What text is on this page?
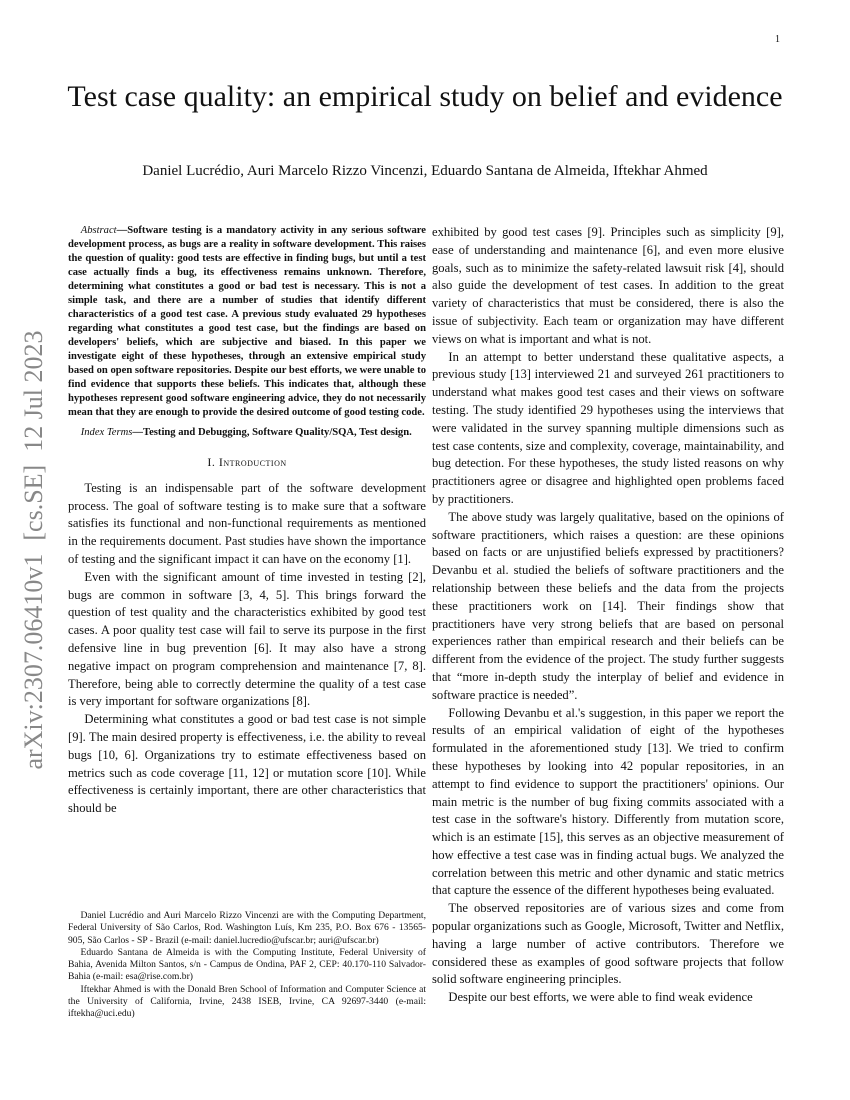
1
arXiv:2307.06410v1  [cs.SE]  12 Jul 2023
Test case quality: an empirical study on belief and evidence
Daniel Lucrédio, Auri Marcelo Rizzo Vincenzi, Eduardo Santana de Almeida, Iftekhar Ahmed

Abstract—Software testing is a mandatory activity in any serious software development process, as bugs are a reality in software development. This raises the question of quality: good tests are effective in finding bugs, but until a test case actually finds a bug, its effectiveness remains unknown. Therefore, determining what constitutes a good or bad test is necessary. This is not a simple task, and there are a number of studies that identify different characteristics of a good test case. A previous study evaluated 29 hypotheses regarding what constitutes a good test case, but the findings are based on developers' beliefs, which are subjective and biased. In this paper we investigate eight of these hypotheses, through an extensive empirical study based on open software repositories. Despite our best efforts, we were unable to find evidence that supports these beliefs. This indicates that, although these hypotheses represent good software engineering advice, they do not necessarily mean that they are enough to provide the desired outcome of good testing code.

Index Terms—Testing and Debugging, Software Quality/SQA, Test design.

I. Introduction

Testing is an indispensable part of the software development process. The goal of software testing is to make sure that a software satisfies its functional and non-functional requirements as mentioned in the requirements document. Past studies have shown the importance of testing and the significant impact it can have on the economy [1].

Even with the significant amount of time invested in testing [2], bugs are common in software [3, 4, 5]. This brings forward the question of test quality and the characteristics exhibited by good test cases. A poor quality test case will fail to serve its purpose in the first defensive line in bug prevention [6]. It may also have a strong negative impact on program comprehension and maintenance [7, 8]. Therefore, being able to correctly determine the quality of a test case is very important for software organizations [8].

Determining what constitutes a good or bad test case is not simple [9]. The main desired property is effectiveness, i.e. the ability to reveal bugs [10, 6]. Organizations try to estimate effectiveness based on metrics such as code coverage [11, 12] or mutation score [10]. While effectiveness is certainly important, there are other characteristics that should be

Daniel Lucrédio and Auri Marcelo Rizzo Vincenzi are with the Computing Department, Federal University of São Carlos, Rod. Washington Luís, Km 235, P.O. Box 676 - 13565-905, São Carlos - SP - Brazil (e-mail: daniel.lucredio@ufscar.br; auri@ufscar.br)

Eduardo Santana de Almeida is with the Computing Institute, Federal University of Bahia, Avenida Milton Santos, s/n - Campus de Ondina, PAF 2, CEP: 40.170-110 Salvador-Bahia (e-mail: esa@rise.com.br)

Iftekhar Ahmed is with the Donald Bren School of Information and Computer Science at the University of California, Irvine, 2438 ISEB, Irvine, CA 92697-3440 (e-mail: iftekha@uci.edu)

exhibited by good test cases [9]. Principles such as simplicity [9], ease of understanding and maintenance [6], and even more elusive goals, such as to minimize the safety-related lawsuit risk [4], should also guide the development of test cases. In addition to the great variety of characteristics that must be considered, there is also the issue of subjectivity. Each team or organization may have different views on what is important and what is not.

In an attempt to better understand these qualitative aspects, a previous study [13] interviewed 21 and surveyed 261 practitioners to understand what makes good test cases and their views on software testing. The study identified 29 hypotheses using the interviews that were validated in the survey spanning multiple dimensions such as test case contents, size and complexity, coverage, maintainability, and bug detection. For these hypotheses, the study listed reasons on why practitioners agree or disagree and highlighted open problems faced by practitioners.

The above study was largely qualitative, based on the opinions of software practitioners, which raises a question: are these opinions based on facts or are unjustified beliefs expressed by practitioners? Devanbu et al. studied the beliefs of software practitioners and the relationship between these beliefs and the data from the projects these practitioners work on [14]. Their findings show that practitioners have very strong beliefs that are based on personal experiences rather than empirical research and their beliefs can be different from the evidence of the project. The study further suggests that “more in-depth study the interplay of belief and evidence in software practice is needed”.

Following Devanbu et al.'s suggestion, in this paper we report the results of an empirical validation of eight of the hypotheses formulated in the aforementioned study [13]. We tried to confirm these hypotheses by looking into 42 popular repositories, in an attempt to find evidence to support the practitioners' opinions. Our main metric is the number of bug fixing commits associated with a test case in the software's history. Differently from mutation score, which is an estimate [15], this serves as an objective measurement of how effective a test case was in finding actual bugs. We analyzed the correlation between this metric and other dynamic and static metrics that capture the essence of the different hypotheses being evaluated.

The observed repositories are of various sizes and come from popular organizations such as Google, Microsoft, Twitter and Netflix, having a large number of active contributors. Therefore we considered these as examples of good software projects that follow solid software engineering principles.

Despite our best efforts, we were able to find weak evidence
